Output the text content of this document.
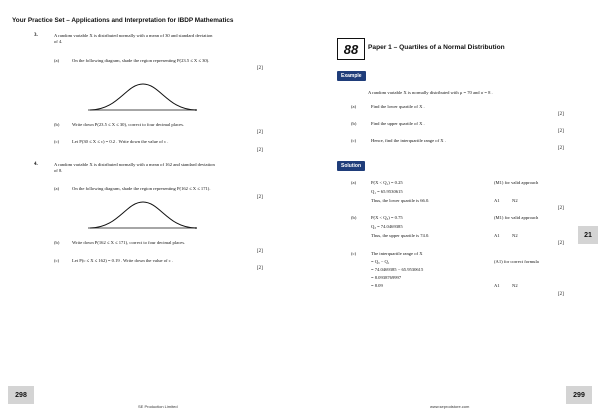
Your Practice Set – Applications and Interpretation for IBDP Mathematics
3.	A random variable X is distributed normally with a mean of 30 and standard deviation
of 4.
(a)	On the following diagram, shade the region representing P(23.5 ≤ X ≤ 30).
[2]
(b)	Write down P(23.5 ≤ X ≤ 30), correct to four decimal places.
[2]
(c)	Let P(30 ≤ X ≤ c) = 0.2 . Write down the value of c .
[2]
4.	A random variable X is distributed normally with a mean of 162 and standard deviation
of 8.
(a)	On the following diagram, shade the region representing P(162 ≤ X ≤ 171).
[2]
(b)	Write down P(162 ≤ X ≤ 171), correct to four decimal places.
[2]
(c)	Let P(c ≤ X ≤ 162) = 0.19 . Write down the value of c .
[2]
298
SE Production Limited
88	Paper 1 – Quartiles of a Normal Distribution
Example
A random variable X is normally distributed with μ = 70 and σ = 8 .
(a)	Find the lower quartile of X .
[2]
(b)	Find the upper quartile of X .
[2]
(c)	Hence, find the interquartile range of X .
[2]
Solution
(a)	P(X < Q₁) = 0.25
Q₁ = 65.9530615
Thus, the lower quartile is 66.0.
(M1) for valid approach
A1	N2
[2]
(b)	P(X < Q₃) = 0.75
Q₃ = 74.0469385
Thus, the upper quartile is 74.0.
(M1) for valid approach
A1	N2
[2]
(c)	The interquartile range of X
= Q₃ − Q₁
= 74.0469385 − 65.9530615
= 8.0938769997
= 8.09
(A1) for correct formula
A1	N2
[2]
21
299
www.seprodstore.com
